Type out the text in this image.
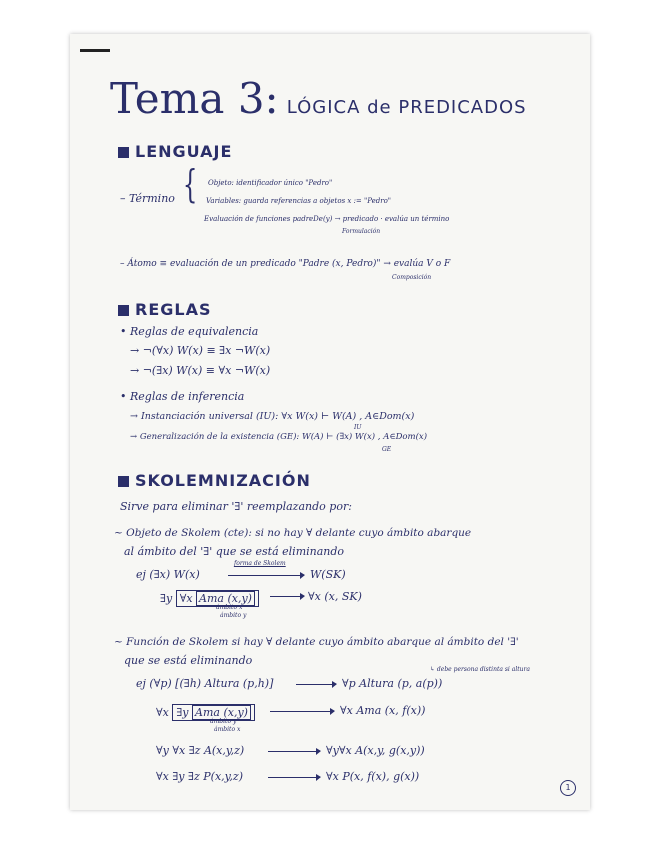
Tema 3: LÓGICA de PREDICADOS
LENGUAJE
– Término { Objeto: identificador único "Pedro"
Variables: guarda referencias a objetos x := "Pedro"
Evaluación de funciones padreDe(y) → predicado · evalúa un término
Formulación
– Átomo ≡ evaluación de un predicado "Padre (x, Pedro)" → evalúa V o F
Composición
REGLAS
• Reglas de equivalencia
→ ¬(∀x) W(x) ≡ ∃x ¬W(x)
→ ¬(∃x) W(x) ≡ ∀x ¬W(x)
• Reglas de inferencia
→ Instanciación universal (IU): ∀x W(x) ⊢ W(A) , A∈Dom(x)
→ Generalización de la existencia (GE): W(A) ⊢ (∃x) W(x) , A∈Dom(x)
IU
GE
SKOLEMNIZACIÓN
Sirve para eliminar '∃' reemplazando por:
~ Objeto de Skolem (cte): si no hay ∀ delante cuyo ámbito abarque
al ámbito del '∃' que se está eliminando
ej (∃x) W(x)
forma de Skolem
W(SK)
∃y ∀x Ama (x,y)
ámbito x
ámbito y
∀x (x, SK)
~ Función de Skolem si hay ∀ delante cuyo ámbito abarque al ámbito del '∃'
que se está eliminando
↳ debe persona distinta si altura
ej (∀p) [(∃h) Altura (p,h)]	∀p Altura (p, a(p))
∀x ∃y Ama (x,y)
ámbito y
ámbito x
∀x Ama (x, f(x))
∀y ∀x ∃z A(x,y,z)	∀y∀x A(x,y, g(x,y))
∀x ∃y ∃z P(x,y,z)	∀x P(x, f(x), g(x))
1
